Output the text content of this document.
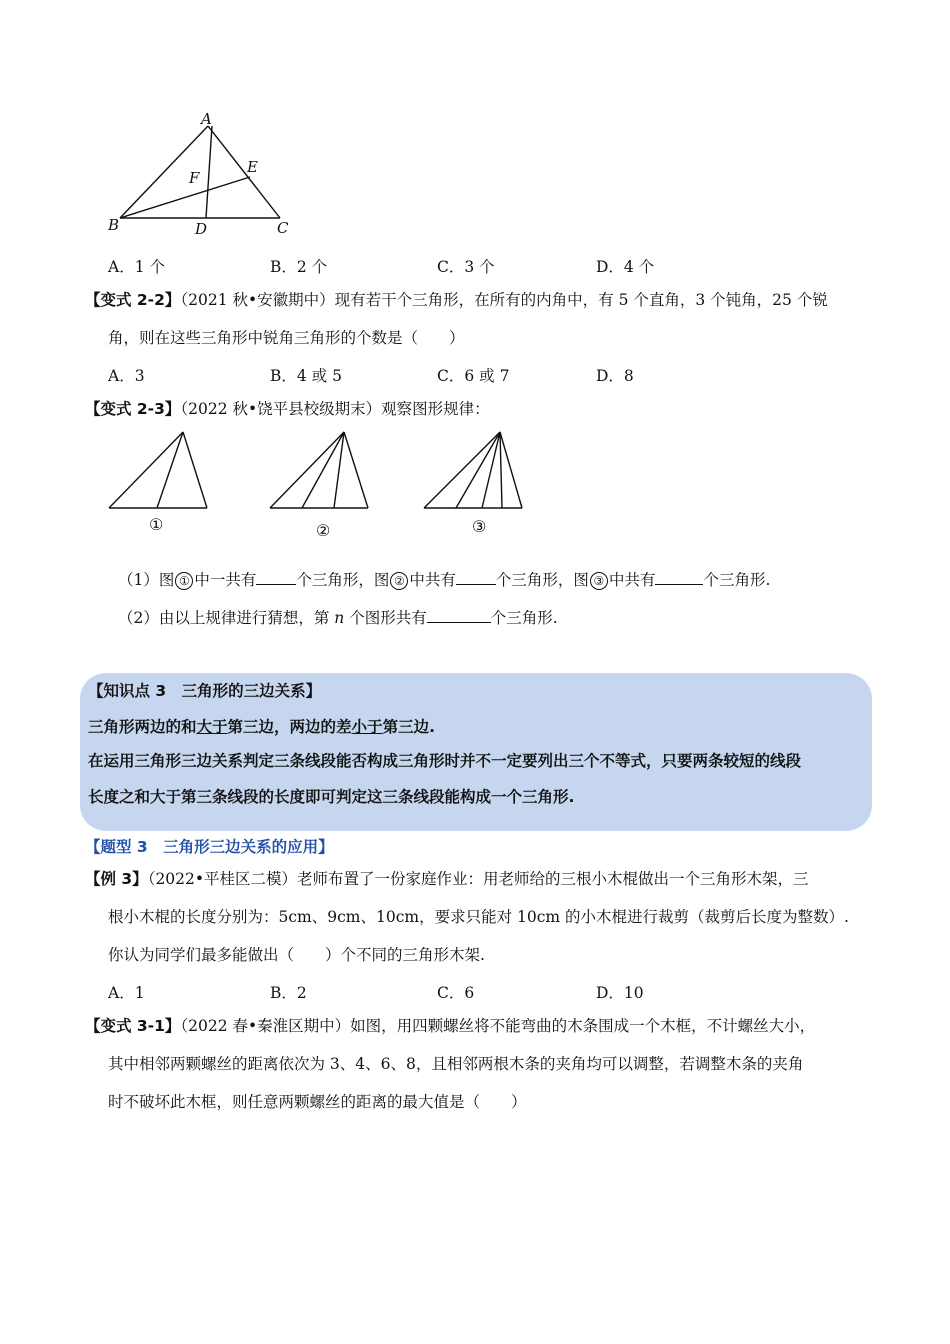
A
B	C
D
E
F
A．1 个	B．2 个	C．3 个	D．4 个
【变式 2-2】（2021 秋•安徽期中）现有若干个三角形，在所有的内角中，有 5 个直角，3 个钝角，25 个锐
角，则在这些三角形中锐角三角形的个数是（　　）
A．3	B．4 或 5	C．6 或 7	D．8
【变式 2-3】（2022 秋•饶平县校级期末）观察图形规律：
①	②	③
（1）图 ① 中一共有	个三角形，图 ② 中共有	个三角形，图 ③ 中共有	个三角形.
（2）由以上规律进行猜想，第 n 个图形共有	个三角形.
【知识点 3　三角形的三边关系】
三角形两边的和大于第三边，两边的差小于第三边.
在运用三角形三边关系判定三条线段能否构成三角形时并不一定要列出三个不等式，只要两条较短的线段
长度之和大于第三条线段的长度即可判定这三条线段能构成一个三角形.
【题型 3　三角形三边关系的应用】
【例 3】（2022•平桂区二模）老师布置了一份家庭作业：用老师给的三根小木棍做出一个三角形木架，三
根小木棍的长度分别为：5cm、9cm、10cm，要求只能对 10cm 的小木棍进行裁剪（裁剪后长度为整数）.
你认为同学们最多能做出（　　）个不同的三角形木架.
A．1	B．2	C．6	D．10
【变式 3-1】（2022 春•秦淮区期中）如图，用四颗螺丝将不能弯曲的木条围成一个木框，不计螺丝大小，
其中相邻两颗螺丝的距离依次为 3、4、6、8，且相邻两根木条的夹角均可以调整，若调整木条的夹角
时不破坏此木框，则任意两颗螺丝的距离的最大值是（　　）
